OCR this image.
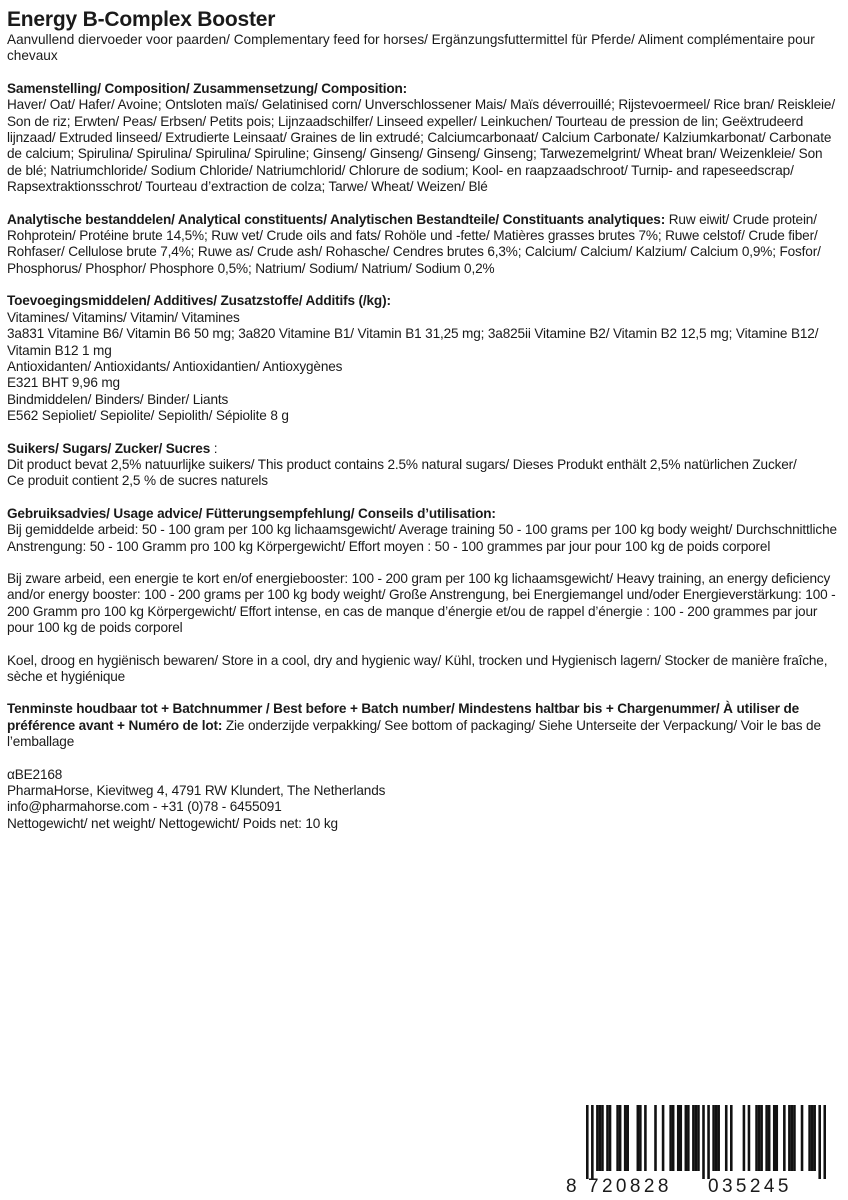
Energy B-Complex Booster

Aanvullend diervoeder voor paarden/ Complementary feed for horses/ Ergänzungsfuttermittel für Pferde/ Aliment complémentaire pour chevaux

Samenstelling/ Composition/ Zusammensetzung/ Composition:
Haver/ Oat/ Hafer/ Avoine; Ontsloten maïs/ Gelatinised corn/ Unverschlossener Mais/ Maïs déverrouillé; Rijstevoermeel/ Rice bran/ Reiskleie/ Son de riz; Erwten/ Peas/ Erbsen/ Petits pois; Lijnzaadschilfer/ Linseed expeller/ Leinkuchen/ Tourteau de pression de lin; Geëxtrudeerd lijnzaad/ Extruded linseed/ Extrudierte Leinsaat/ Graines de lin extrudé; Calciumcarbonaat/ Calcium Carbonate/ Kalziumkarbonat/ Carbonate de calcium; Spirulina/ Spirulina/ Spirulina/ Spiruline; Ginseng/ Ginseng/ Ginseng/ Ginseng; Tarwezemelgrint/ Wheat bran/ Weizenkleie/ Son de blé; Natriumchloride/ Sodium Chloride/ Natriumchlorid/ Chlorure de sodium; Kool- en raapzaadschroot/ Turnip- and rapeseedscrap/ Rapsextraktionsschrot/ Tourteau d’extraction de colza; Tarwe/ Wheat/ Weizen/ Blé
Analytische bestanddelen/ Analytical constituents/ Analytischen Bestandteile/ Constituants analytiques: Ruw eiwit/ Crude protein/ Rohprotein/ Protéine brute 14,5%; Ruw vet/ Crude oils and fats/ Rohöle und -fette/ Matières grasses brutes 7%; Ruwe celstof/ Crude fiber/ Rohfaser/ Cellulose brute 7,4%; Ruwe as/ Crude ash/ Rohasche/ Cendres brutes 6,3%; Calcium/ Calcium/ Kalzium/ Calcium 0,9%; Fosfor/ Phosphorus/ Phosphor/ Phosphore 0,5%; Natrium/ Sodium/ Natrium/ Sodium 0,2%
Toevoegingsmiddelen/ Additives/ Zusatzstoffe/ Additifs (/kg):
Vitamines/ Vitamins/ Vitamin/ Vitamines
3a831 Vitamine B6/ Vitamin B6 50 mg; 3a820 Vitamine B1/ Vitamin B1 31,25 mg; 3a825ii Vitamine B2/ Vitamin B2 12,5 mg; Vitamine B12/ Vitamin B12 1 mg
Antioxidanten/ Antioxidants/ Antioxidantien/ Antioxygènes
E321 BHT 9,96 mg
Bindmiddelen/ Binders/ Binder/ Liants
E562 Sepioliet/ Sepiolite/ Sepiolith/ Sépiolite 8 g
Suikers/ Sugars/ Zucker/ Sucres :
Dit product bevat 2,5% natuurlijke suikers/ This product contains 2.5% natural sugars/ Dieses Produkt enthält 2,5% natürlichen Zucker/
Ce produit contient 2,5 % de sucres naturels
Gebruiksadvies/ Usage advice/ Fütterungsempfehlung/ Conseils d’utilisation:
Bij gemiddelde arbeid: 50 - 100 gram per 100 kg lichaamsgewicht/ Average training 50 - 100 grams per 100 kg body weight/ Durchschnittliche Anstrengung: 50 - 100 Gramm pro 100 kg Körpergewicht/ Effort moyen : 50 - 100 grammes par jour pour 100 kg de poids corporel
Bij zware arbeid, een energie te kort en/of energiebooster: 100 - 200 gram per 100 kg lichaamsgewicht/ Heavy training, an energy deficiency and/or energy booster: 100 - 200 grams per 100 kg body weight/ Große Anstrengung, bei Energiemangel und/oder Energieverstärkung: 100 - 200 Gramm pro 100 kg Körpergewicht/ Effort intense, en cas de manque d’énergie et/ou de rappel d’énergie : 100 - 200 grammes par jour pour 100 kg de poids corporel
Koel, droog en hygiënisch bewaren/ Store in a cool, dry and hygienic way/ Kühl, trocken und Hygienisch lagern/ Stocker de manière fraîche, sèche et hygiénique
Tenminste houdbaar tot + Batchnummer / Best before + Batch number/ Mindestens haltbar bis + Chargenummer/ À utiliser de préférence avant + Numéro de lot: Zie onderzijde verpakking/ See bottom of packaging/ Siehe Unterseite der Verpackung/ Voir le bas de l’emballage
αBE2168
PharmaHorse, Kievitweg 4, 4791 RW Klundert, The Netherlands
info@pharmahorse.com - +31 (0)78 - 6455091
Nettogewicht/ net weight/ Nettogewicht/ Poids net: 10 kg
8 720828 035245
